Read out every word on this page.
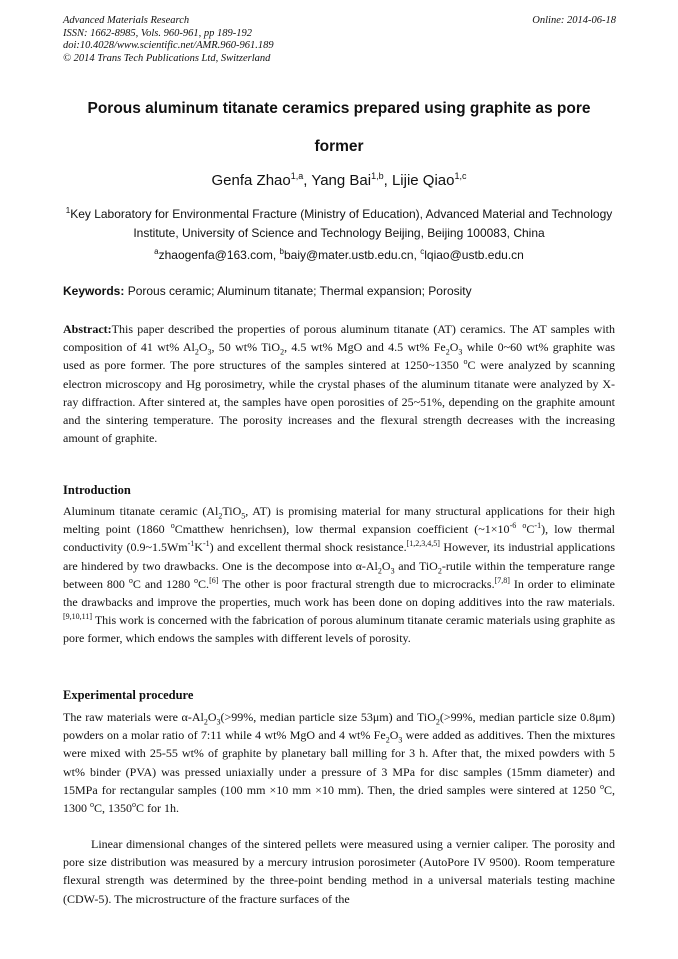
Advanced Materials Research
ISSN: 1662-8985, Vols. 960-961, pp 189-192
doi:10.4028/www.scientific.net/AMR.960-961.189
© 2014 Trans Tech Publications Ltd, Switzerland
Online: 2014-06-18
Porous aluminum titanate ceramics prepared using graphite as pore former
Genfa Zhao$^{1,a}$, Yang Bai$^{1,b}$, Lijie Qiao$^{1,c}$
$^1$Key Laboratory for Environmental Fracture (Ministry of Education), Advanced Material and Technology Institute, University of Science and Technology Beijing, Beijing 100083, China
$^a$zhaogenfa@163.com, $^b$baiy@mater.ustb.edu.cn, $^c$lqiao@ustb.edu.cn
Keywords: Porous ceramic; Aluminum titanate; Thermal expansion; Porosity
Abstract:This paper described the properties of porous aluminum titanate (AT) ceramics. The AT samples with composition of 41 wt% $Al_2O_3$, 50 wt% TiO$_2$, 4.5 wt% MgO and 4.5 wt% $Fe_2O_3$ while 0~60 wt% graphite was used as pore former. The pore structures of the samples sintered at 1250~1350 $^o$C were analyzed by scanning electron microscopy and Hg porosimetry, while the crystal phases of the aluminum titanate were analyzed by X-ray diffraction. After sintered at, the samples have open porosities of 25~51%, depending on the graphite amount and the sintering temperature. The porosity increases and the flexural strength decreases with the increasing amount of graphite.
Introduction
Aluminum titanate ceramic ($Al_2TiO_5$, AT) is promising material for many structural applications for their high melting point (1860 $^o$Cmatthew henrichsen), low thermal expansion coefficient ($\sim 1\times 10^{-6}$ $^oC^{-1}$), low thermal conductivity $(0.9\sim 1.5Wm^{-1}K^{-1})$ and excellent thermal shock resistance.[1,2,3,4,5] However, its industrial applications are hindered by two drawbacks. One is the decompose into $\alpha-Al_2O_3$ and TiO$_2$-rutile within the temperature range between 800 $^o$C and 1280 $^o$C.[6] The other is poor fractural strength due to microcracks.[7,8] In order to eliminate the drawbacks and improve the properties, much work has been done on doping additives into the raw materials.[9,10,11] This work is concerned with the fabrication of porous aluminum titanate ceramic materials using graphite as pore former, which endows the samples with different levels of porosity.
Experimental procedure
The raw materials were $\alpha-Al_2O_3(>99\%$, median particle size 53μm) and TiO$_2$(>99%, median particle size 0.8μm) powders on a molar ratio of 7:11 while 4 wt% MgO and 4 wt% $Fe_2O_3$ were added as additives. Then the mixtures were mixed with 25-55 wt% of graphite by planetary ball milling for 3 h. After that, the mixed powders with 5 wt% binder (PVA) was pressed uniaxially under a pressure of 3 MPa for disc samples (15mm diameter) and 15MPa for rectangular samples (100 mm ×10 mm ×10 mm). Then, the dried samples were sintered at 1250 $^o$C, 1300 $^o$C, 1350$^o$C for 1h.
Linear dimensional changes of the sintered pellets were measured using a vernier caliper. The porosity and pore size distribution was measured by a mercury intrusion porosimeter (AutoPore IV 9500). Room temperature flexural strength was determined by the three-point bending method in a universal materials testing machine (CDW-5). The microstructure of the fracture surfaces of the
